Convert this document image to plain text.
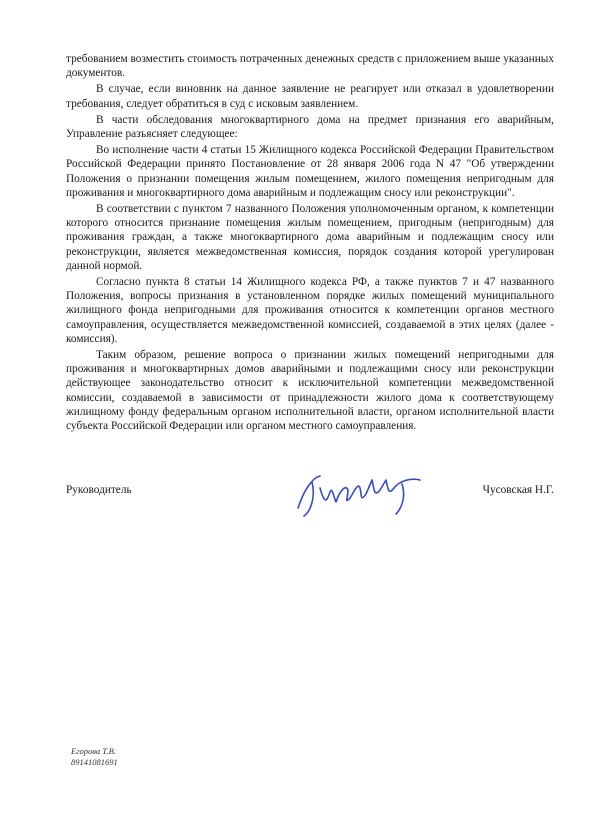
требованием возместить стоимость потраченных денежных средств с приложением выше указанных документов.

В случае, если виновник на данное заявление не реагирует или отказал в удовлетворении требования, следует обратиться в суд с исковым заявлением.

В части обследования многоквартирного дома на предмет признания его аварийным, Управление разъясняет следующее:

Во исполнение части 4 статьи 15 Жилищного кодекса Российской Федерации Правительством Российской Федерации принято Постановление от 28 января 2006 года N 47 "Об утверждении Положения о признании помещения жилым помещением, жилого помещения непригодным для проживания и многоквартирного дома аварийным и подлежащим сносу или реконструкции".

В соответствии с пунктом 7 названного Положения уполномоченным органом, к компетенции которого относится признание помещения жилым помещением, пригодным (непригодным) для проживания граждан, а также многоквартирного дома аварийным и подлежащим сносу или реконструкции, является межведомственная комиссия, порядок создания которой урегулирован данной нормой.

Согласно пункта 8 статьи 14 Жилищного кодекса РФ, а также пунктов 7 и 47 названного Положения, вопросы признания в установленном порядке жилых помещений муниципального жилищного фонда непригодными для проживания относится к компетенции органов местного самоуправления, осуществляется межведомственной комиссией, создаваемой в этих целях (далее - комиссия).

Таким образом, решение вопроса о признании жилых помещений непригодными для проживания и многоквартирных домов аварийными и подлежащими сносу или реконструкции действующее законодательство относит к исключительной компетенции межведомственной комиссии, создаваемой в зависимости от принадлежности жилого дома к соответствующему жилищному фонду федеральным органом исполнительной власти, органом исполнительной власти субъекта Российской Федерации или органом местного самоуправления.

Руководитель	Чусовская Н.Г.
Егорова Т.В.
89141081691
